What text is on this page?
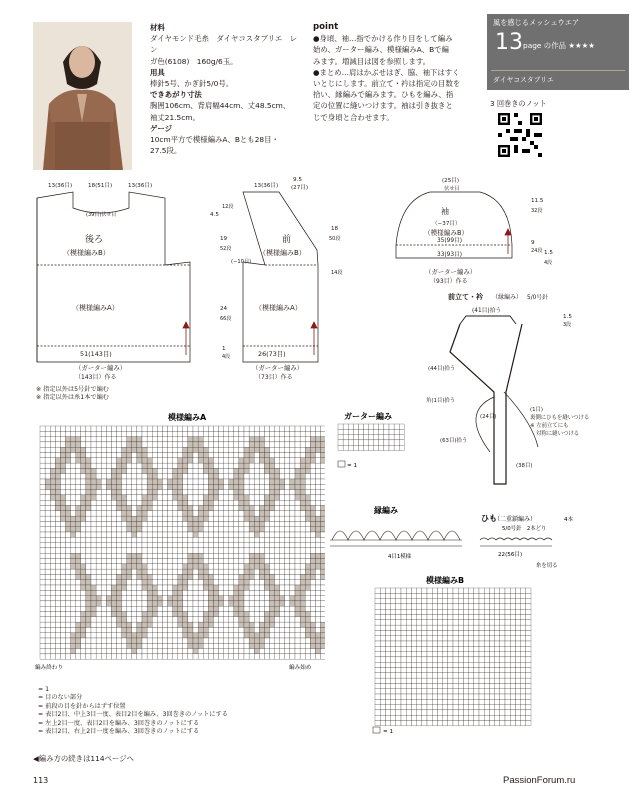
材料
ダイヤモンド毛糸　ダイヤコスタブリエ　レン
ガ色(6108)　160g/6玉。
用具
棒針5号、かぎ針5/0号。
できあがり寸法
胸囲106cm、背肩幅44cm、丈48.5cm、
袖丈21.5cm。
ゲージ
10cm平方で模様編みA、Bとも28目・
27.5段。
point
●身頃、袖…指でかける作り目をして編み
始め、ガーター編み、模様編みA、Bで編
みます。増減目は図を参照します。
●まとめ…肩はかぶせはぎ、脇、袖下はすく
いとじにします。前立て・衿は指定の目数を
拾い、縁編みで編みます。ひもを編み、指
定の位置に縫いつけます。袖は引き抜きと
じで身頃と合わせます。
風を感じるメッシュウエア
13 page の作品 ★★★★
ダイヤコスタブリエ
3 回巻きのノット
後ろ
（模様編みB）
（模様編みA）
51(143目)
（ガーター編み）
（143目）作る
13(36目)	18(51目)	13(36目)
(39目)伏せ目	4.5
12段
19
52段
24
66段
1
4段
前
（模様編みB）
（模様編みA）
26(73目)
（ガーター編み）
（73目）作る
13(36目)
9.5
(27目)
18
50段
14段
(−10目)
袖
（−37目）
（模様編みB）
35(99目)
33(93目)
（ガーター編み）
（93目）作る
(25目)
伏せ目
11.5
32段
9
24段 1.5
4段
※ 指定以外は5号針で編む
※ 指定以外は糸1本で編む
前立て・衿 （縁編み） 5/0号針
(41目)拾う
1.5
3段
(44目)拾う
角(1目)拾う
(24目)
(63目)拾う
(38目)
(1目)
裏側にひもを縫いつける
※ 左前立てにも
対称に縫いつける
模様編みA
編み終わり	編み始め
ガーター編み
= 1
縁編み
4目1模様
ひも
（二重鎖編み）	4本
5/0号針　2本どり
22(56目)
糸を切る
模様編みB
= 1
= 1
= 目のない部分
= 前段の目を針からはずす位置
= 表目2目、中上3目一度、表目2目を編み、3回巻きのノットにする
= 左上2目一度、表目2目を編み、3回巻きのノットにする
= 表目2目、右上2目一度を編み、3回巻きのノットにする
◀編み方の続きは114ページへ
113	PassionForum.ru
